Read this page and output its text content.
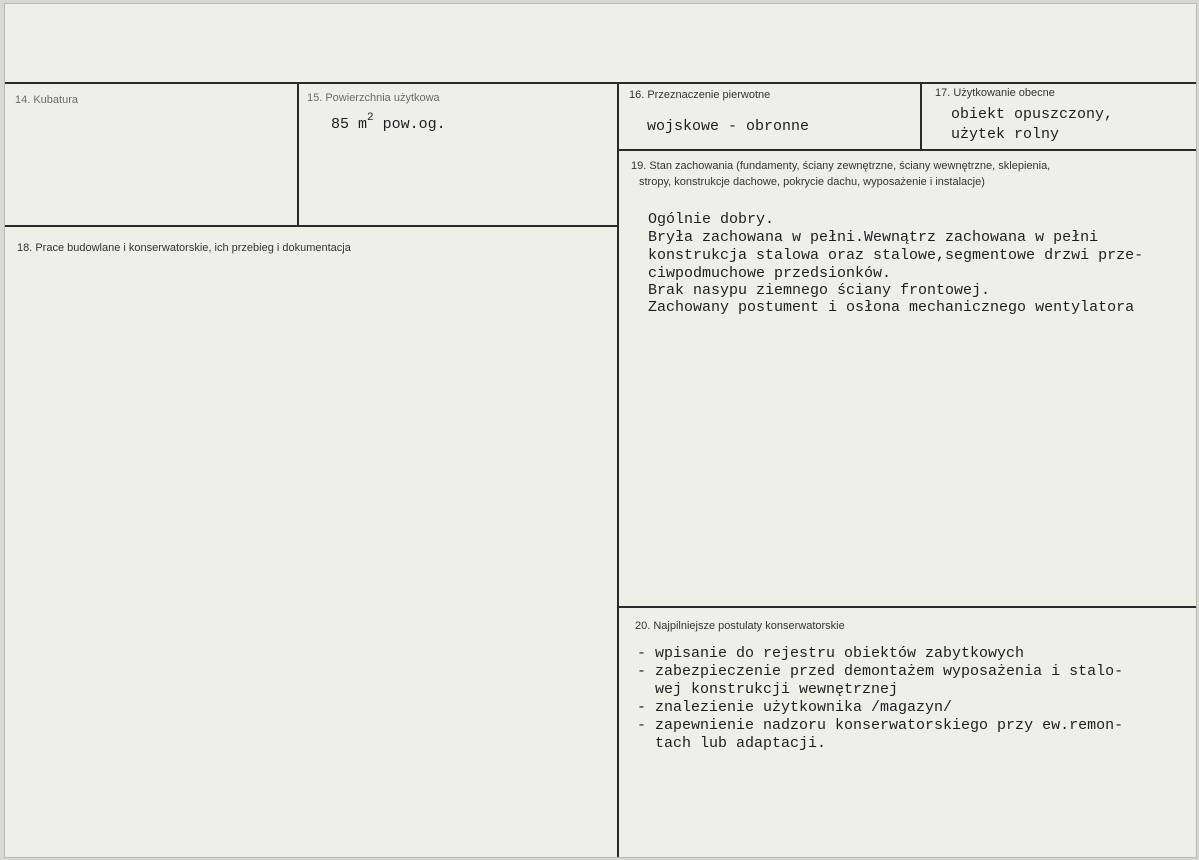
14. Kubatura	15. Powierzchnia użytkowa
85 $m^2$ pow.og.
16. Przeznaczenie pierwotne
wojskowe - obronne
17. Użytkowanie obecne
obiekt opuszczony,
użytek rolny
18. Prace budowlane i konserwatorskie, ich przebieg i dokumentacja
19. Stan zachowania (fundamenty, ściany zewnętrzne, ściany wewnętrzne, sklepienia,
stropy, konstrukcje dachowe, pokrycie dachu, wyposażenie i instalacje)
Ogólnie dobry.
Bryła zachowana w pełni.Wewnątrz zachowana w pełni
konstrukcja stalowa oraz stalowe,segmentowe drzwi prze-
ciwpodmuchowe przedsionków.
Brak nasypu ziemnego ściany frontowej.
Zachowany postument i osłona mechanicznego wentylatora
20. Najpilniejsze postulaty konserwatorskie
- wpisanie do rejestru obiektów zabytkowych
- zabezpieczenie przed demontażem wyposażenia i stalo-
wej konstrukcji wewnętrznej
- znalezienie użytkownika /magazyn/
- zapewnienie nadzoru konserwatorskiego przy ew.remon-
tach lub adaptacji.
